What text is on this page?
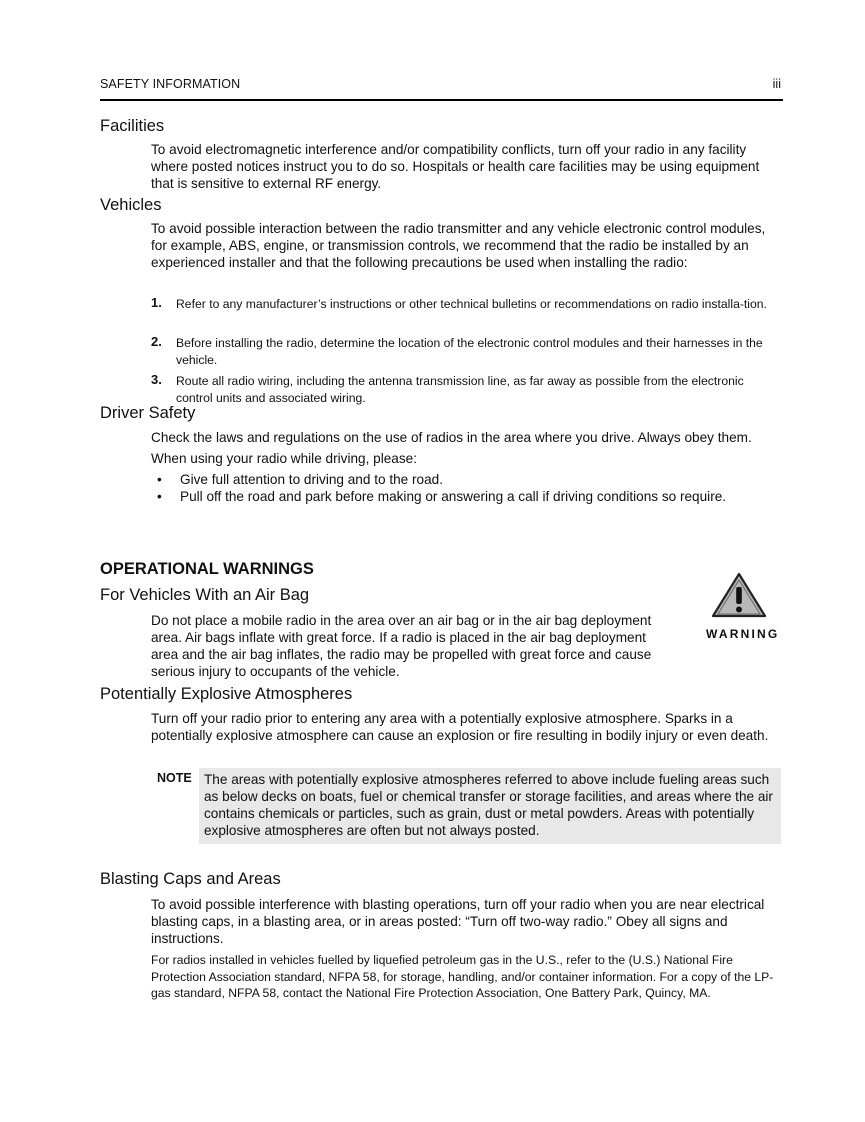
SAFETY INFORMATION	iii
Facilities

To avoid electromagnetic interference and/or compatibility conflicts, turn off your radio in any facility where posted notices instruct you to do so. Hospitals or health care facilities may be using equipment that is sensitive to external RF energy.

Vehicles

To avoid possible interaction between the radio transmitter and any vehicle electronic control modules, for example, ABS, engine, or transmission controls, we recommend that the radio be installed by an experienced installer and that the following precautions be used when installing the radio:

1. Refer to any manufacturer’s instructions or other technical bulletins or recommendations on radio installa-tion.
2. Before installing the radio, determine the location of the electronic control modules and their harnesses in the vehicle.
3. Route all radio wiring, including the antenna transmission line, as far away as possible from the electronic control units and associated wiring.
Driver Safety

Check the laws and regulations on the use of radios in the area where you drive. Always obey them.

When using your radio while driving, please:

• Give full attention to driving and to the road.
• Pull off the road and park before making or answering a call if driving conditions so require.
OPERATIONAL WARNINGS
For Vehicles With an Air Bag

Do not place a mobile radio in the area over an air bag or in the air bag deployment area. Air bags inflate with great force. If a radio is placed in the air bag deployment area and the air bag inflates, the radio may be propelled with great force and cause serious injury to occupants of the vehicle.

WARNING
Potentially Explosive Atmospheres

Turn off your radio prior to entering any area with a potentially explosive atmosphere. Sparks in a potentially explosive atmosphere can cause an explosion or fire resulting in bodily injury or even death.

NOTE The areas with potentially explosive atmospheres referred to above include fueling areas such as below decks on boats, fuel or chemical transfer or storage facilities, and areas where the air contains chemicals or particles, such as grain, dust or metal powders. Areas with potentially explosive atmospheres are often but not always posted.
Blasting Caps and Areas

To avoid possible interference with blasting operations, turn off your radio when you are near electrical blasting caps, in a blasting area, or in areas posted: “Turn off two-way radio.” Obey all signs and instructions.

For radios installed in vehicles fuelled by liquefied petroleum gas in the U.S., refer to the (U.S.) National Fire Protection Association standard, NFPA 58, for storage, handling, and/or container information. For a copy of the LP-gas standard, NFPA 58, contact the National Fire Protection Association, One Battery Park, Quincy, MA.
